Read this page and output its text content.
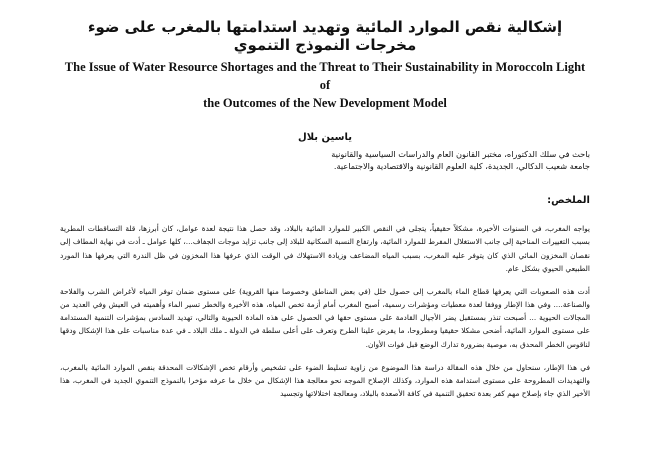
إشكالية نقص الموارد المائية وتهديد استدامتها بالمغرب على ضوء مخرجات النموذج التنموي
The Issue of Water Resource Shortages and the Threat to Their Sustainability in Moroccoln Light of
the Outcomes of the New Development Model
ياسين بلال
باحث في سلك الدكتوراه، مختبر القانون العام والدراسات السياسية والقانونية
جامعة شعيب الدكالي، الجديدة، كلية العلوم القانونية والاقتصادية والاجتماعية.
الملخص:
يواجه المغرب، في السنوات الأخيرة، مشكلاً حقيقياً، يتجلى في النقص الكبير للموارد المائية بالبلاد، وقد حصل هذا نتيجة لعدة عوامل، كان أبرزها، قلة التساقطات المطرية بسبب التغييرات المناخية إلى جانب الاستغلال المفرط للموارد المائية، وارتفاع النسبة السكانية للبلاد إلى جانب تزايد موجات الجفاف...، كلها عوامل ـ أدت في نهاية المطاف إلى نقصان المخزون المائي الذي كان يتوفر عليه المغرب، بسبب المياه المضاعف وزيادة الاستهلاك في الوقت الذي عرفها هذا المخزون في ظل الندرة التي يعرفها هذا المورد الطبيعي الحيوي بشكل عام.
أدت هذه الصعوبات التي يعرفها قطاع الماء بالمغرب إلى حصول خلل (في بعض المناطق وخصوصا منها القروية) على مستوى ضمان توفر المياه لأغراض الشرب والفلاحة والصناعة.... وفي هذا الإطار ووفقا لعدة معطيات ومؤشرات رسمية، أصبح المغرب أمام أزمة تخص المياه، هذه الأخيرة والخطر تسير الماء وأهميته في العيش وفي العديد من المجالات الحيوية ... أصبحت تنذر بمستقبل يضر الأجيال القادمة على مستوى حقها في الحصول على هذه المادة الحيوية والتالي، تهديد السادس بمؤشرات التنمية المستدامة على مستوى الموارد المائية، أضحى مشكلا حقيقيا ومطروحا، ما يفرض علينا الطرح وتعرف على أعلى سلطة في الدولة ـ ملك البلاد ـ في عدة مناسبات على هذا الإشكال ودقها لناقوس الخطر المحدق به، موصية بضرورة تدارك الوضع قبل فوات الأوان.
في هذا الإطار، سنحاول من خلال هذه المقالة دراسة هذا الموضوع من زاوية تسليط الضوء على تشخيص وأرقام تخص الإشكالات المحدقة بنقص الموارد المائية بالمغرب، والتهديدات المطروحة على مستوى استدامة هذه الموارد، وكذلك الإصلاح الموجه نحو معالجة هذا الإشكال من خلال ما عرفه مؤخرا بالنموذج التنموي الجديد في المغرب، هذا الأخير الذي جاء بإصلاح مهم كفر بعدة تحقيق التنمية في كافة الأصعدة بالبلاد، ومعالجة اختلالاتها وتجسيد
